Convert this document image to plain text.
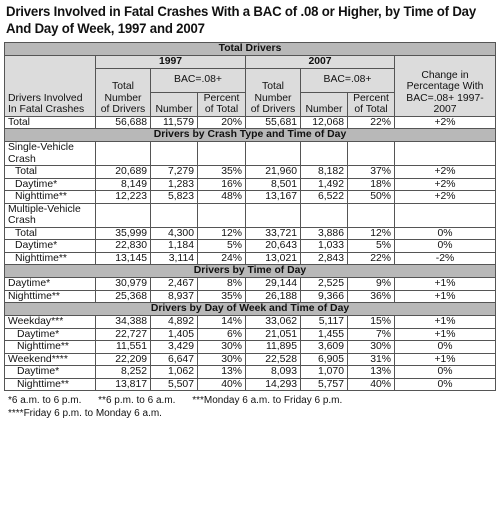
Drivers Involved in Fatal Crashes With a BAC of .08 or Higher, by Time of Day
And Day of Week, 1997 and 2007
Total Drivers							
Drivers Involved In Fatal Crashes	1997			2007			Change in Percentage With BAC=.08+ 1997-2007
	Total Number of Drivers	BAC=.08+		Total Number of Drivers	BAC=.08+		
		Number	Percent of Total		Number	Percent of Total	
Total	56,688	11,579	20%	55,681	12,068	22%	+2%
Drivers by Crash Type and Time of Day							
Single-Vehicle Crash							
Total	20,689	7,279	35%	21,960	8,182	37%	+2%
Daytime*	8,149	1,283	16%	8,501	1,492	18%	+2%
Nighttime**	12,223	5,823	48%	13,167	6,522	50%	+2%
Multiple-Vehicle Crash							
Total	35,999	4,300	12%	33,721	3,886	12%	0%
Daytime*	22,830	1,184	5%	20,643	1,033	5%	0%
Nighttime**	13,145	3,114	24%	13,021	2,843	22%	-2%
Drivers by Time of Day							
Daytime*	30,979	2,467	8%	29,144	2,525	9%	+1%
Nighttime**	25,368	8,937	35%	26,188	9,366	36%	+1%
Drivers by Day of Week and Time of Day							
Weekday***	34,388	4,892	14%	33,062	5,117	15%	+1%
Daytime*	22,727	1,405	6%	21,051	1,455	7%	+1%
Nighttime**	11,551	3,429	30%	11,895	3,609	30%	0%
Weekend****	22,209	6,647	30%	22,528	6,905	31%	+1%
Daytime*	8,252	1,062	13%	8,093	1,070	13%	0%
Nighttime**	13,817	5,507	40%	14,293	5,757	40%	0%
*6 a.m. to 6 p.m. **6 p.m. to 6 a.m. ***Monday 6 a.m. to Friday 6 p.m.
****Friday 6 p.m. to Monday 6 a.m.
